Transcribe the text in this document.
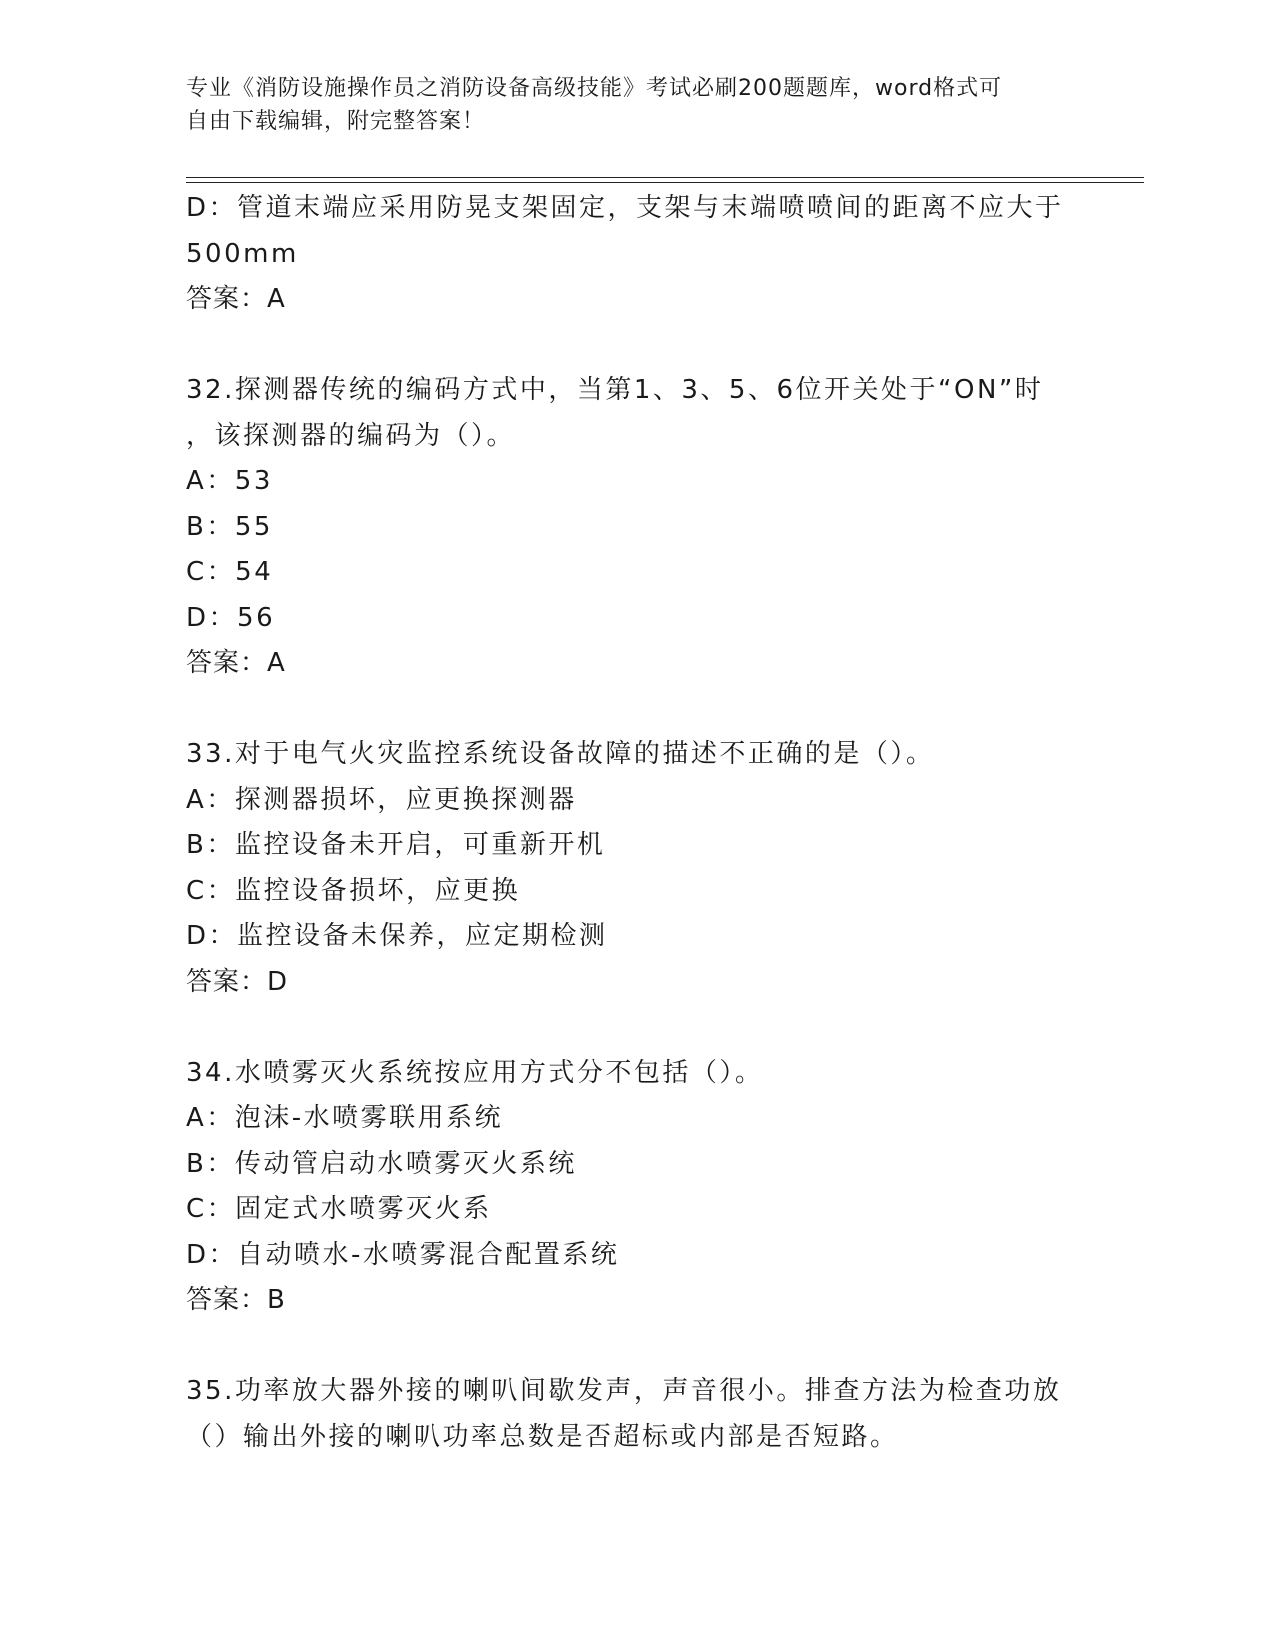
专业《消防设施操作员之消防设备高级技能》考试必刷200题题库，word格式可
自由下载编辑，附完整答案！
D：管道末端应采用防晃支架固定，支架与末端喷喷间的距离不应大于
500mm
答案：A
32.探测器传统的编码方式中，当第1、3、5、6位开关处于“ON”时
，该探测器的编码为（）。
A：53
B：55
C：54
D：56
答案：A
33.对于电气火灾监控系统设备故障的描述不正确的是（）。
A：探测器损坏，应更换探测器
B：监控设备未开启，可重新开机
C：监控设备损坏，应更换
D：监控设备未保养，应定期检测
答案：D
34.水喷雾灭火系统按应用方式分不包括（）。
A：泡沫-水喷雾联用系统
B：传动管启动水喷雾灭火系统
C：固定式水喷雾灭火系
D：自动喷水-水喷雾混合配置系统
答案：B
35.功率放大器外接的喇叭间歇发声，声音很小。排查方法为检查功放
（）输出外接的喇叭功率总数是否超标或内部是否短路。
